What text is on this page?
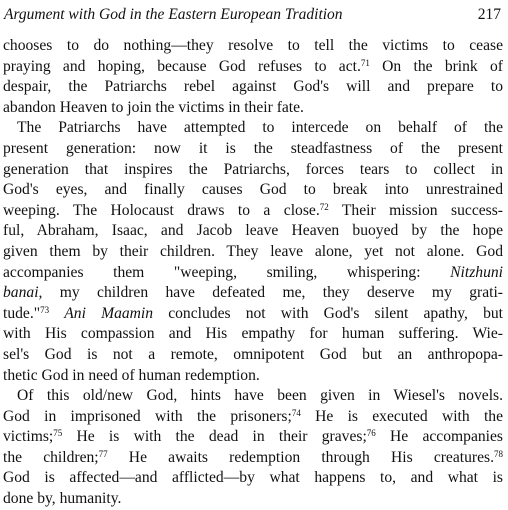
Argument with God in the Eastern European Tradition	217
chooses to do nothing—they resolve to tell the victims to cease
praying and hoping, because God refuses to act.$^{71}$ On the brink of
despair, the Patriarchs rebel against God's will and prepare to
abandon Heaven to join the victims in their fate.
The Patriarchs have attempted to intercede on behalf of the
present generation: now it is the steadfastness of the present
generation that inspires the Patriarchs, forces tears to collect in
God's eyes, and finally causes God to break into unrestrained
weeping. The Holocaust draws to a close.$^{72}$ Their mission success-
ful, Abraham, Isaac, and Jacob leave Heaven buoyed by the hope
given them by their children. They leave alone, yet not alone. God
accompanies them "weeping, smiling, whispering: Nitzhuni
banai, my children have defeated me, they deserve my grati-
tude."$^{73}$ Ani Maamin concludes not with God's silent apathy, but
with His compassion and His empathy for human suffering. Wie-
sel's God is not a remote, omnipotent God but an anthropopa-
thetic God in need of human redemption.
Of this old/new God, hints have been given in Wiesel's novels.
God in imprisoned with the prisoners;$^{74}$ He is executed with the
victims;$^{75}$ He is with the dead in their graves;$^{76}$ He accompanies
the children;$^{77}$ He awaits redemption through His creatures.$^{78}$
God is affected—and afflicted—by what happens to, and what is
done by, humanity.
